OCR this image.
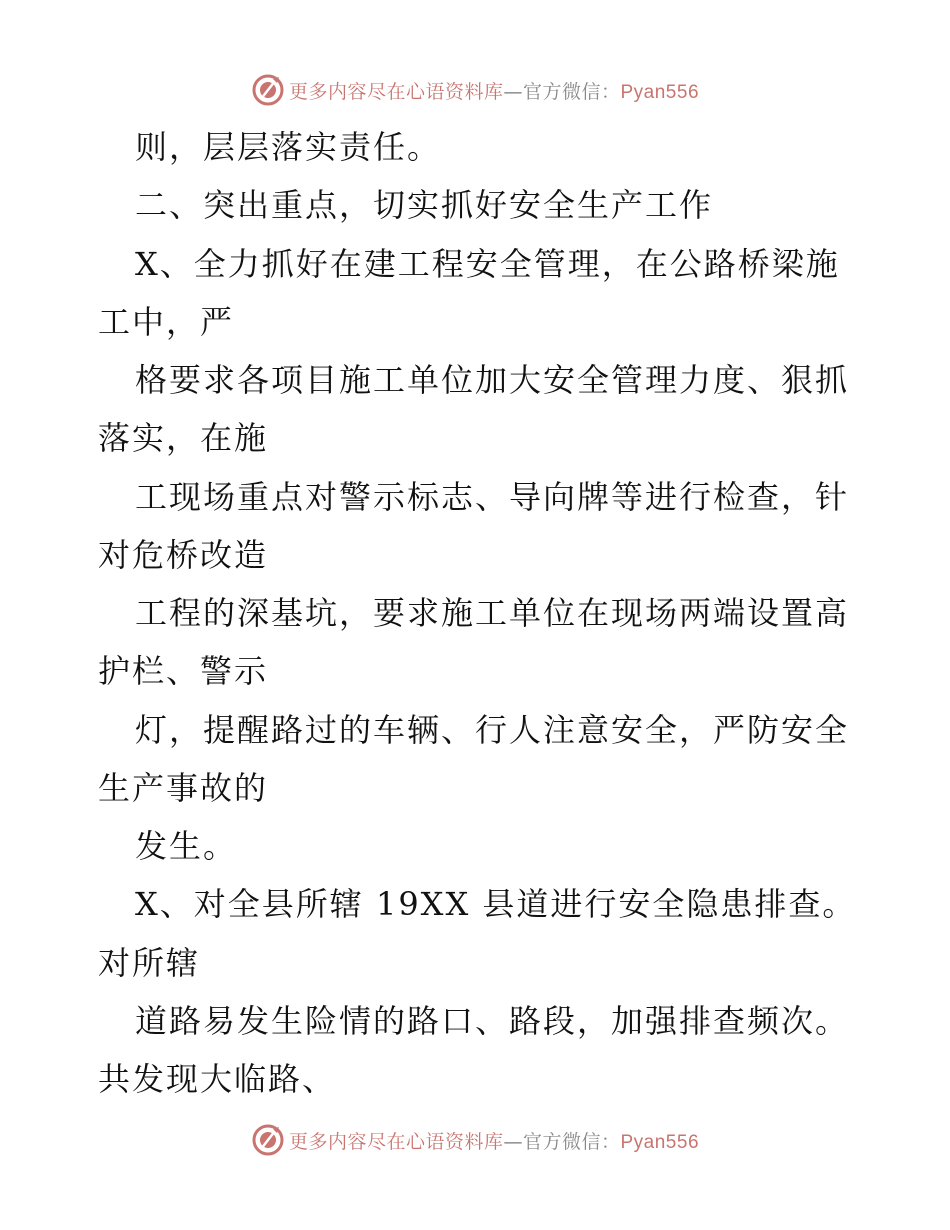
更多内容尽在心语资料库—官方微信：Pyan556
则，层层落实责任。
二、突出重点，切实抓好安全生产工作
X、全力抓好在建工程安全管理，在公路桥梁施
工中，严
格要求各项目施工单位加大安全管理力度、狠抓
落实，在施
工现场重点对警示标志、导向牌等进行检查，针
对危桥改造
工程的深基坑，要求施工单位在现场两端设置高
护栏、警示
灯，提醒路过的车辆、行人注意安全，严防安全
生产事故的
发生。
X、对全县所辖 19XX 县道进行安全隐患排查。
对所辖
道路易发生险情的路口、路段，加强排查频次。
共发现大临路、
更多内容尽在心语资料库—官方微信：Pyan556
